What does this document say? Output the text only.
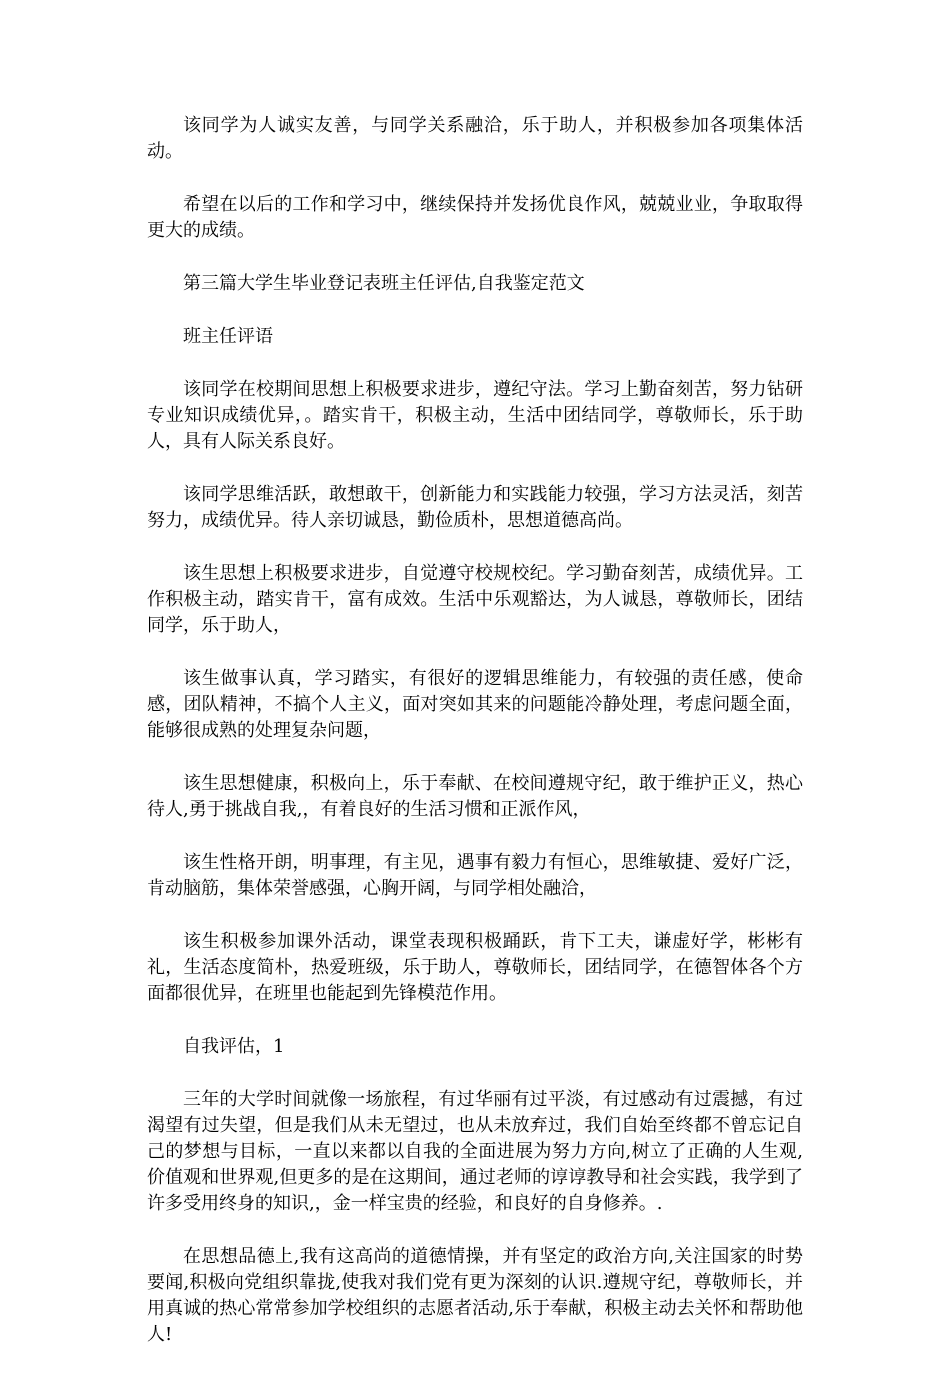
该同学为人诚实友善，与同学关系融洽，乐于助人，并积极参加各项集体活动。

希望在以后的工作和学习中，继续保持并发扬优良作风，兢兢业业，争取取得更大的成绩。

第三篇大学生毕业登记表班主任评估,自我鉴定范文

班主任评语

该同学在校期间思想上积极要求进步，遵纪守法。学习上勤奋刻苦，努力钻研专业知识成绩优异，。踏实肯干，积极主动，生活中团结同学，尊敬师长，乐于助人，具有人际关系良好。

该同学思维活跃，敢想敢干，创新能力和实践能力较强，学习方法灵活，刻苦努力，成绩优异。待人亲切诚恳，勤俭质朴，思想道德高尚。

该生思想上积极要求进步，自觉遵守校规校纪。学习勤奋刻苦，成绩优异。工作积极主动，踏实肯干，富有成效。生活中乐观豁达，为人诚恳，尊敬师长，团结同学，乐于助人，

该生做事认真，学习踏实，有很好的逻辑思维能力，有较强的责任感，使命感，团队精神，不搞个人主义，面对突如其来的问题能冷静处理，考虑问题全面，能够很成熟的处理复杂问题，

该生思想健康，积极向上，乐于奉献、在校间遵规守纪，敢于维护正义，热心待人,勇于挑战自我,，有着良好的生活习惯和正派作风，

该生性格开朗，明事理，有主见，遇事有毅力有恒心，思维敏捷、爱好广泛，肯动脑筋，集体荣誉感强，心胸开阔，与同学相处融洽，

该生积极参加课外活动，课堂表现积极踊跃，肯下工夫，谦虚好学，彬彬有礼，生活态度简朴，热爱班级，乐于助人，尊敬师长，团结同学，在德智体各个方面都很优异，在班里也能起到先锋模范作用。

自我评估，1

三年的大学时间就像一场旅程，有过华丽有过平淡，有过感动有过震撼，有过渴望有过失望，但是我们从未无望过，也从未放弃过，我们自始至终都不曾忘记自己的梦想与目标，一直以来都以自我的全面进展为努力方向,树立了正确的人生观,价值观和世界观,但更多的是在这期间，通过老师的谆谆教导和社会实践，我学到了许多受用终身的知识,，金一样宝贵的经验，和良好的自身修养。.

在思想品德上,我有这高尚的道德情操，并有坚定的政治方向,关注国家的时势要闻,积极向党组织靠拢,使我对我们党有更为深刻的认识.遵规守纪，尊敬师长，并用真诚的热心常常参加学校组织的志愿者活动,乐于奉献，积极主动去关怀和帮助他人!
